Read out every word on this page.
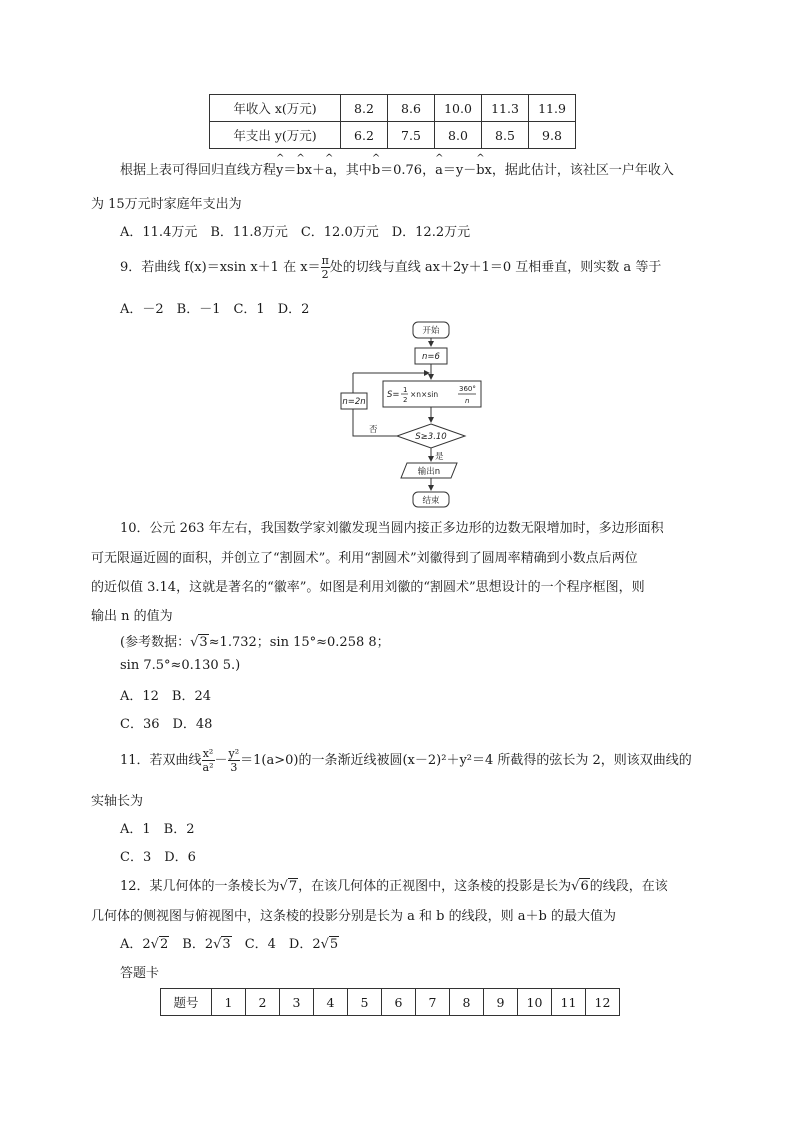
年收入 x(万元)	8.2	8.6	10.0	11.3	11.9
年支出 y(万元)	6.2	7.5	8.0	8.5	9.8
根据上表可得回归直线方程^ y＝^ bx＋^ a，其中^ b＝0.76，^ a＝y－^ bx，据此估计，该社区一户年收入
为 15万元时家庭年支出为
A．11.4万元　B．11.8万元　C．12.0万元　D．12.2万元
9．若曲线 f(x)＝xsin x＋1 在 $x= \frac{\pi}{2}$ 处的切线与直线 ax＋2y＋1＝0 互相垂直，则实数 a 等于
A．－2　B．－1　C．1　D．2
开始
n=6
n=2n
S= 1
2
×n×sin
360°
n
S≥3.10
否
是
输出n
结束
10．公元 263 年左右，我国数学家刘徽发现当圆内接正多边形的边数无限增加时，多边形面积
可无限逼近圆的面积，并创立了“割圆术”。利用“割圆术”刘徽得到了圆周率精确到小数点后两位
的近似值 3.14，这就是著名的“徽率”。如图是利用刘徽的“割圆术”思想设计的一个程序框图，则
输出 n 的值为
(参考数据：√3≈1.732；sin 15°≈0.258 8；
sin 7.5°≈0.130 5.)
A．12　B．24
C．36　D．48
11．若双曲线 $\frac{\text{x²}}{\text{a²}} - \frac{\text{y²}}{3} =1(a>0)$的一条渐近线被圆(x－2)²＋y²＝4 所截得的弦长为 2，则该双曲线的
实轴长为
A．1　B．2
C．3　D．6
12．某几何体的一条棱长为√7，在该几何体的正视图中，这条棱的投影是长为√6的线段，在该
几何体的侧视图与俯视图中，这条棱的投影分别是长为 a 和 b 的线段，则 a＋b 的最大值为
A．2√2　 B．2√3　 C．4　 D．2√5
答题卡
题号	1	2	3	4	5	6	7	8	9	10	11	12
